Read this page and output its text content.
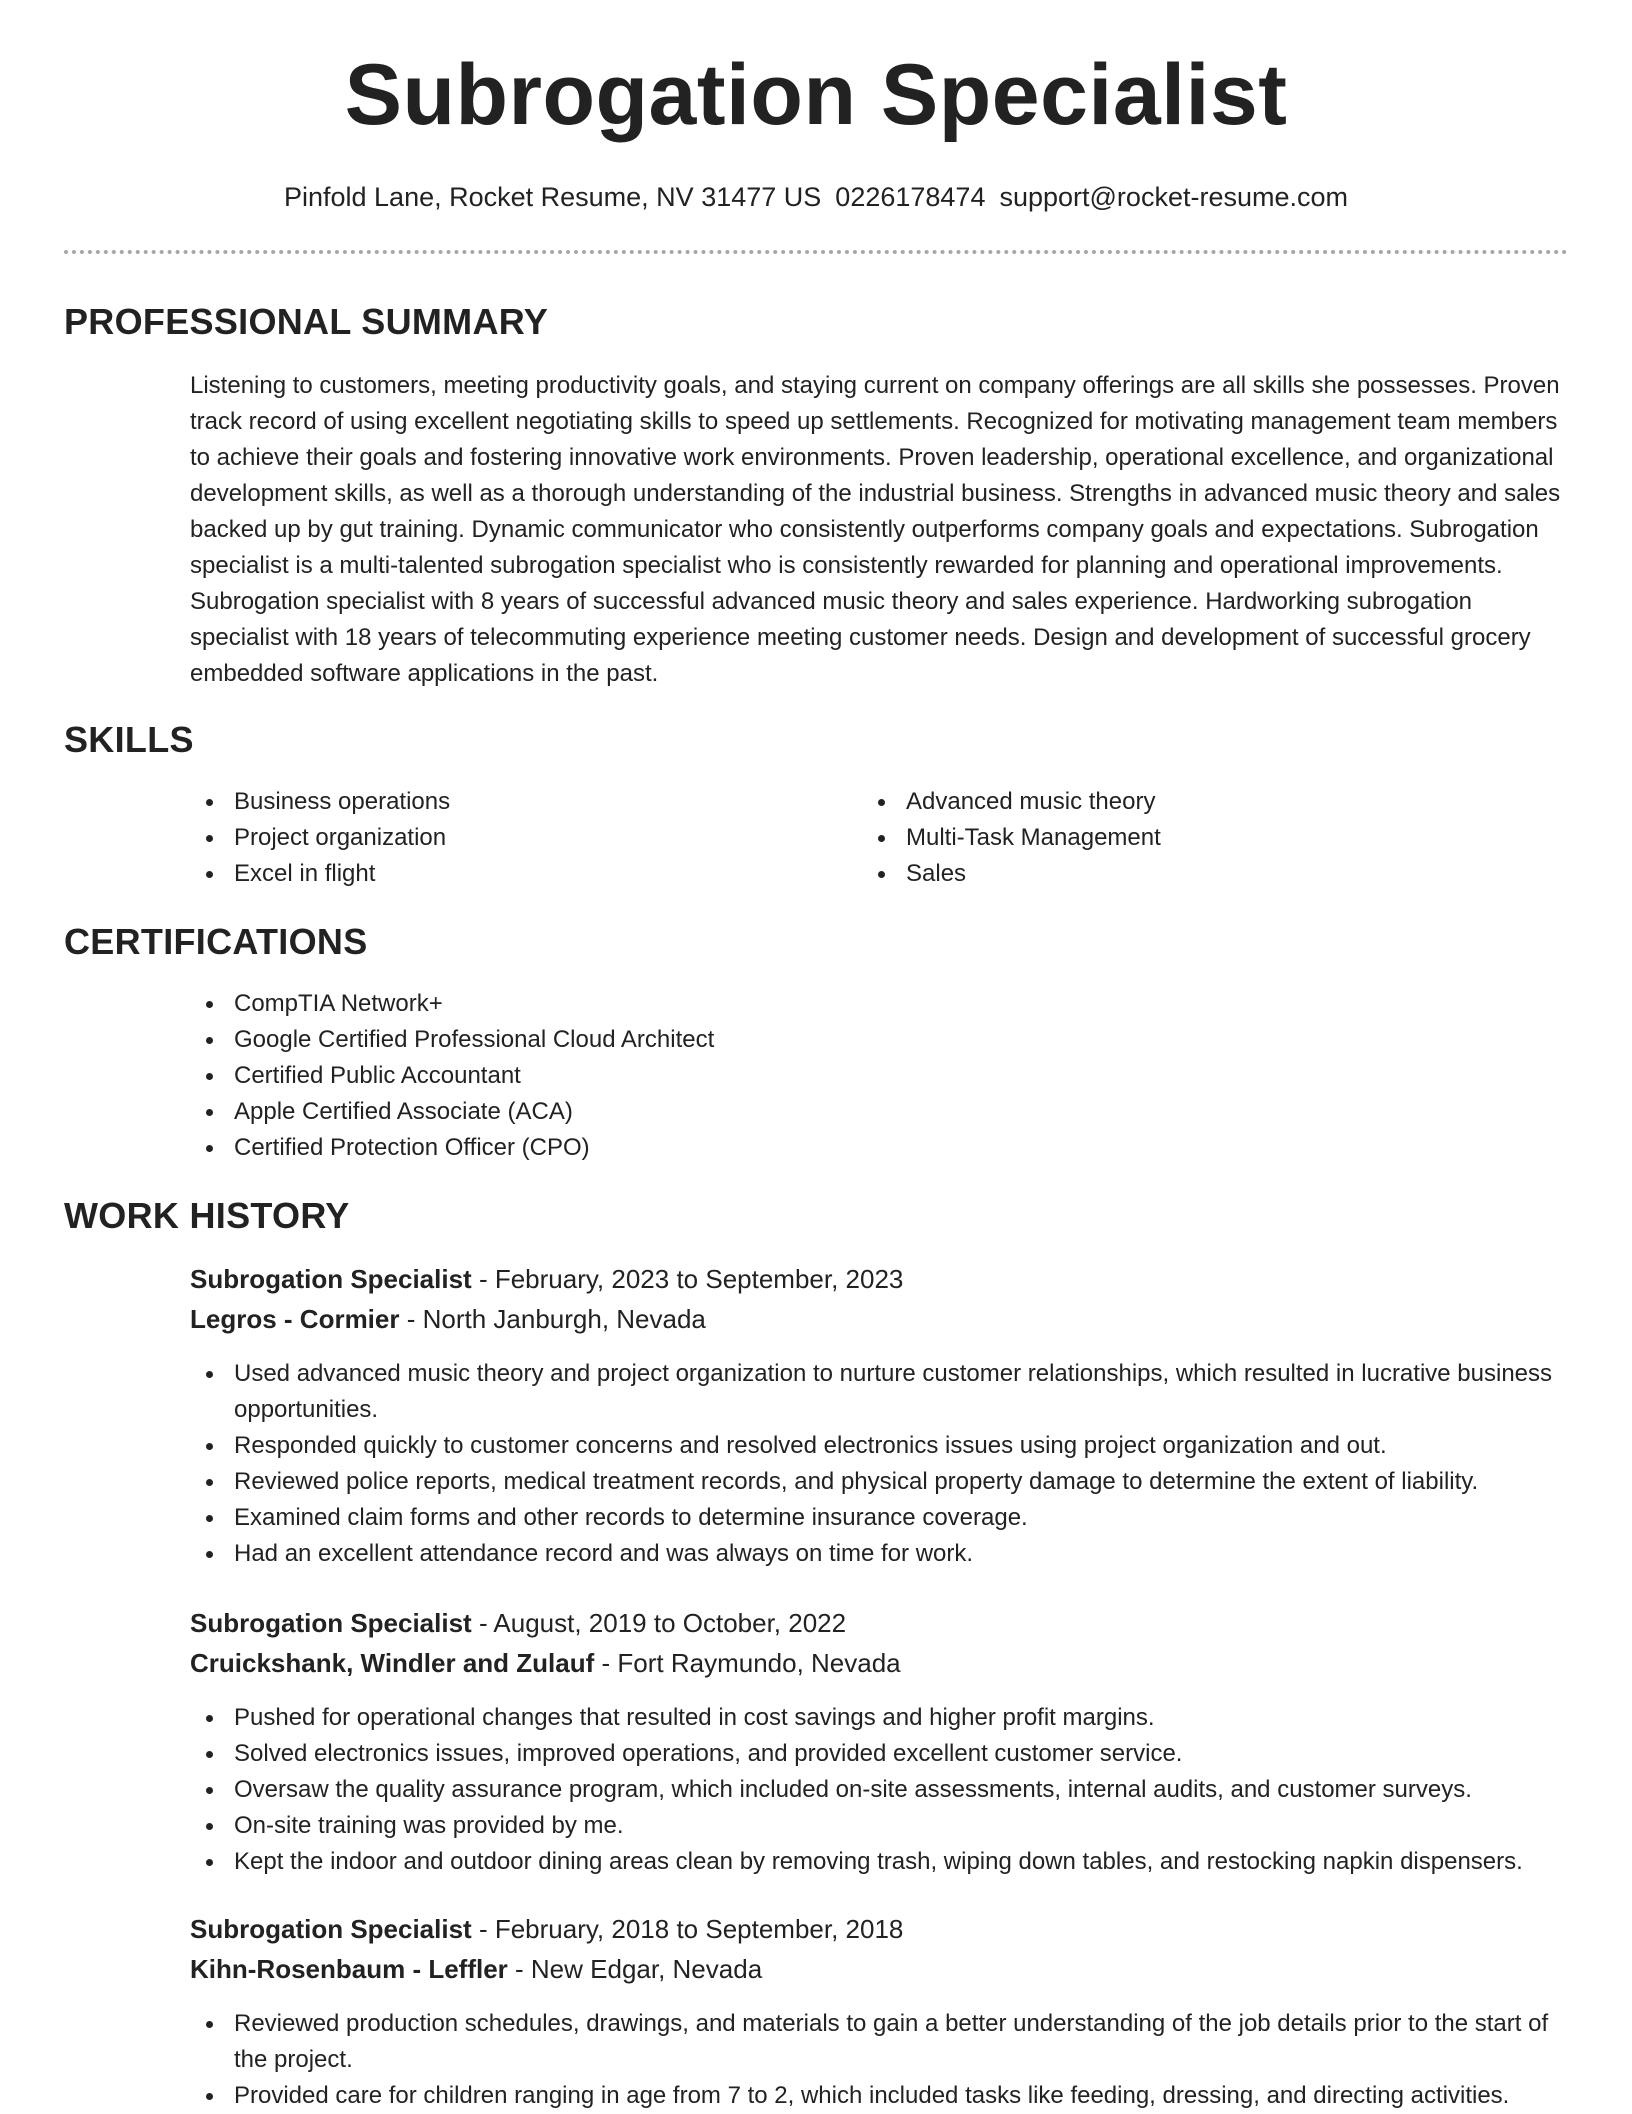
Subrogation Specialist
Pinfold Lane, Rocket Resume, NV 31477 US 0226178474 support@rocket-resume.com
PROFESSIONAL SUMMARY

Listening to customers, meeting productivity goals, and staying current on company offerings are all skills she possesses. Proven track record of using excellent negotiating skills to speed up settlements. Recognized for motivating management team members to achieve their goals and fostering innovative work environments. Proven leadership, operational excellence, and organizational development skills, as well as a thorough understanding of the industrial business. Strengths in advanced music theory and sales backed up by gut training. Dynamic communicator who consistently outperforms company goals and expectations. Subrogation specialist is a multi-talented subrogation specialist who is consistently rewarded for planning and operational improvements. Subrogation specialist with 8 years of successful advanced music theory and sales experience. Hardworking subrogation specialist with 18 years of telecommuting experience meeting customer needs. Design and development of successful grocery embedded software applications in the past.

SKILLS
Business operations
Project organization
Excel in flight
Advanced music theory
Multi-Task Management
Sales
CERTIFICATIONS
CompTIA Network+
Google Certified Professional Cloud Architect
Certified Public Accountant
Apple Certified Associate (ACA)
Certified Protection Officer (CPO)
WORK HISTORY
Subrogation Specialist - February, 2023 to September, 2023
Legros - Cormier - North Janburgh, Nevada
Used advanced music theory and project organization to nurture customer relationships, which resulted in lucrative business opportunities.
Responded quickly to customer concerns and resolved electronics issues using project organization and out.
Reviewed police reports, medical treatment records, and physical property damage to determine the extent of liability.
Examined claim forms and other records to determine insurance coverage.
Had an excellent attendance record and was always on time for work.
Subrogation Specialist - August, 2019 to October, 2022
Cruickshank, Windler and Zulauf - Fort Raymundo, Nevada
Pushed for operational changes that resulted in cost savings and higher profit margins.
Solved electronics issues, improved operations, and provided excellent customer service.
Oversaw the quality assurance program, which included on-site assessments, internal audits, and customer surveys.
On-site training was provided by me.
Kept the indoor and outdoor dining areas clean by removing trash, wiping down tables, and restocking napkin dispensers.
Subrogation Specialist - February, 2018 to September, 2018
Kihn-Rosenbaum - Leffler - New Edgar, Nevada
Reviewed production schedules, drawings, and materials to gain a better understanding of the job details prior to the start of the project.
Provided care for children ranging in age from 7 to 2, which included tasks like feeding, dressing, and directing activities.
